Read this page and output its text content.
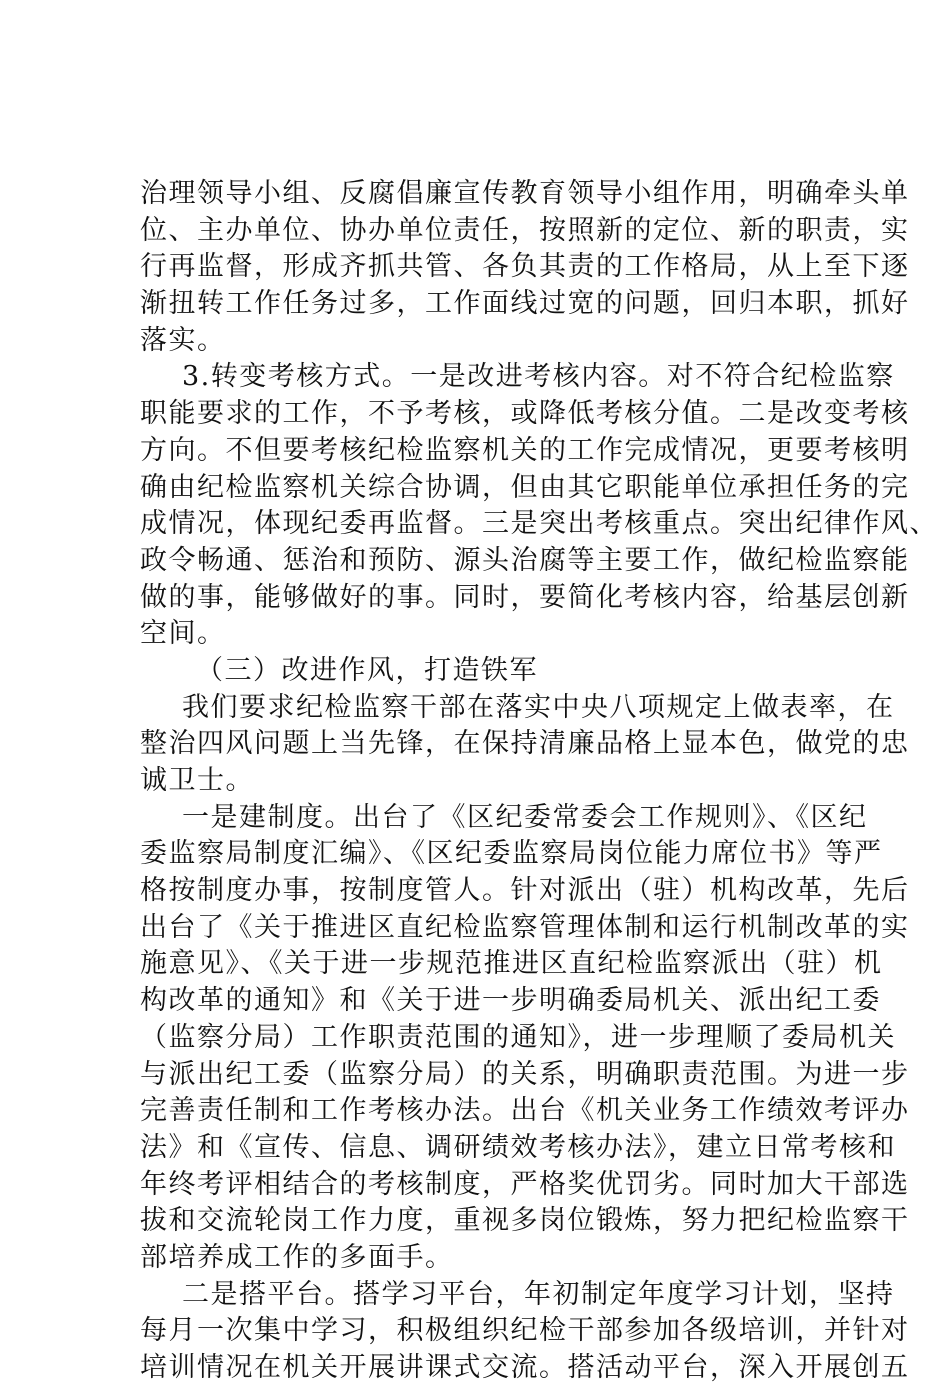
治理领导小组、反腐倡廉宣传教育领导小组作用，明确牵头单
位、主办单位、协办单位责任，按照新的定位、新的职责，实
行再监督，形成齐抓共管、各负其责的工作格局，从上至下逐
渐扭转工作任务过多，工作面线过宽的问题，回归本职，抓好
落实。
3.转变考核方式。一是改进考核内容。对不符合纪检监察
职能要求的工作，不予考核，或降低考核分值。二是改变考核
方向。不但要考核纪检监察机关的工作完成情况，更要考核明
确由纪检监察机关综合协调，但由其它职能单位承担任务的完
成情况，体现纪委再监督。三是突出考核重点。突出纪律作风、
政令畅通、惩治和预防、源头治腐等主要工作，做纪检监察能
做的事，能够做好的事。同时，要简化考核内容，给基层创新
空间。
（三）改进作风，打造铁军
我们要求纪检监察干部在落实中央八项规定上做表率，在
整治四风问题上当先锋，在保持清廉品格上显本色，做党的忠
诚卫士。
一是建制度。出台了《区纪委常委会工作规则》、《区纪
委监察局制度汇编》、《区纪委监察局岗位能力席位书》等严
格按制度办事，按制度管人。针对派出（驻）机构改革，先后
出台了《关于推进区直纪检监察管理体制和运行机制改革的实
施意见》、《关于进一步规范推进区直纪检监察派出（驻）机
构改革的通知》和《关于进一步明确委局机关、派出纪工委
（监察分局）工作职责范围的通知》，进一步理顺了委局机关
与派出纪工委（监察分局）的关系，明确职责范围。为进一步
完善责任制和工作考核办法。出台《机关业务工作绩效考评办
法》和《宣传、信息、调研绩效考核办法》，建立日常考核和
年终考评相结合的考核制度，严格奖优罚劣。同时加大干部选
拔和交流轮岗工作力度，重视多岗位锻炼，努力把纪检监察干
部培养成工作的多面手。
二是搭平台。搭学习平台，年初制定年度学习计划，坚持
每月一次集中学习，积极组织纪检干部参加各级培训，并针对
培训情况在机关开展讲课式交流。搭活动平台，深入开展创五
